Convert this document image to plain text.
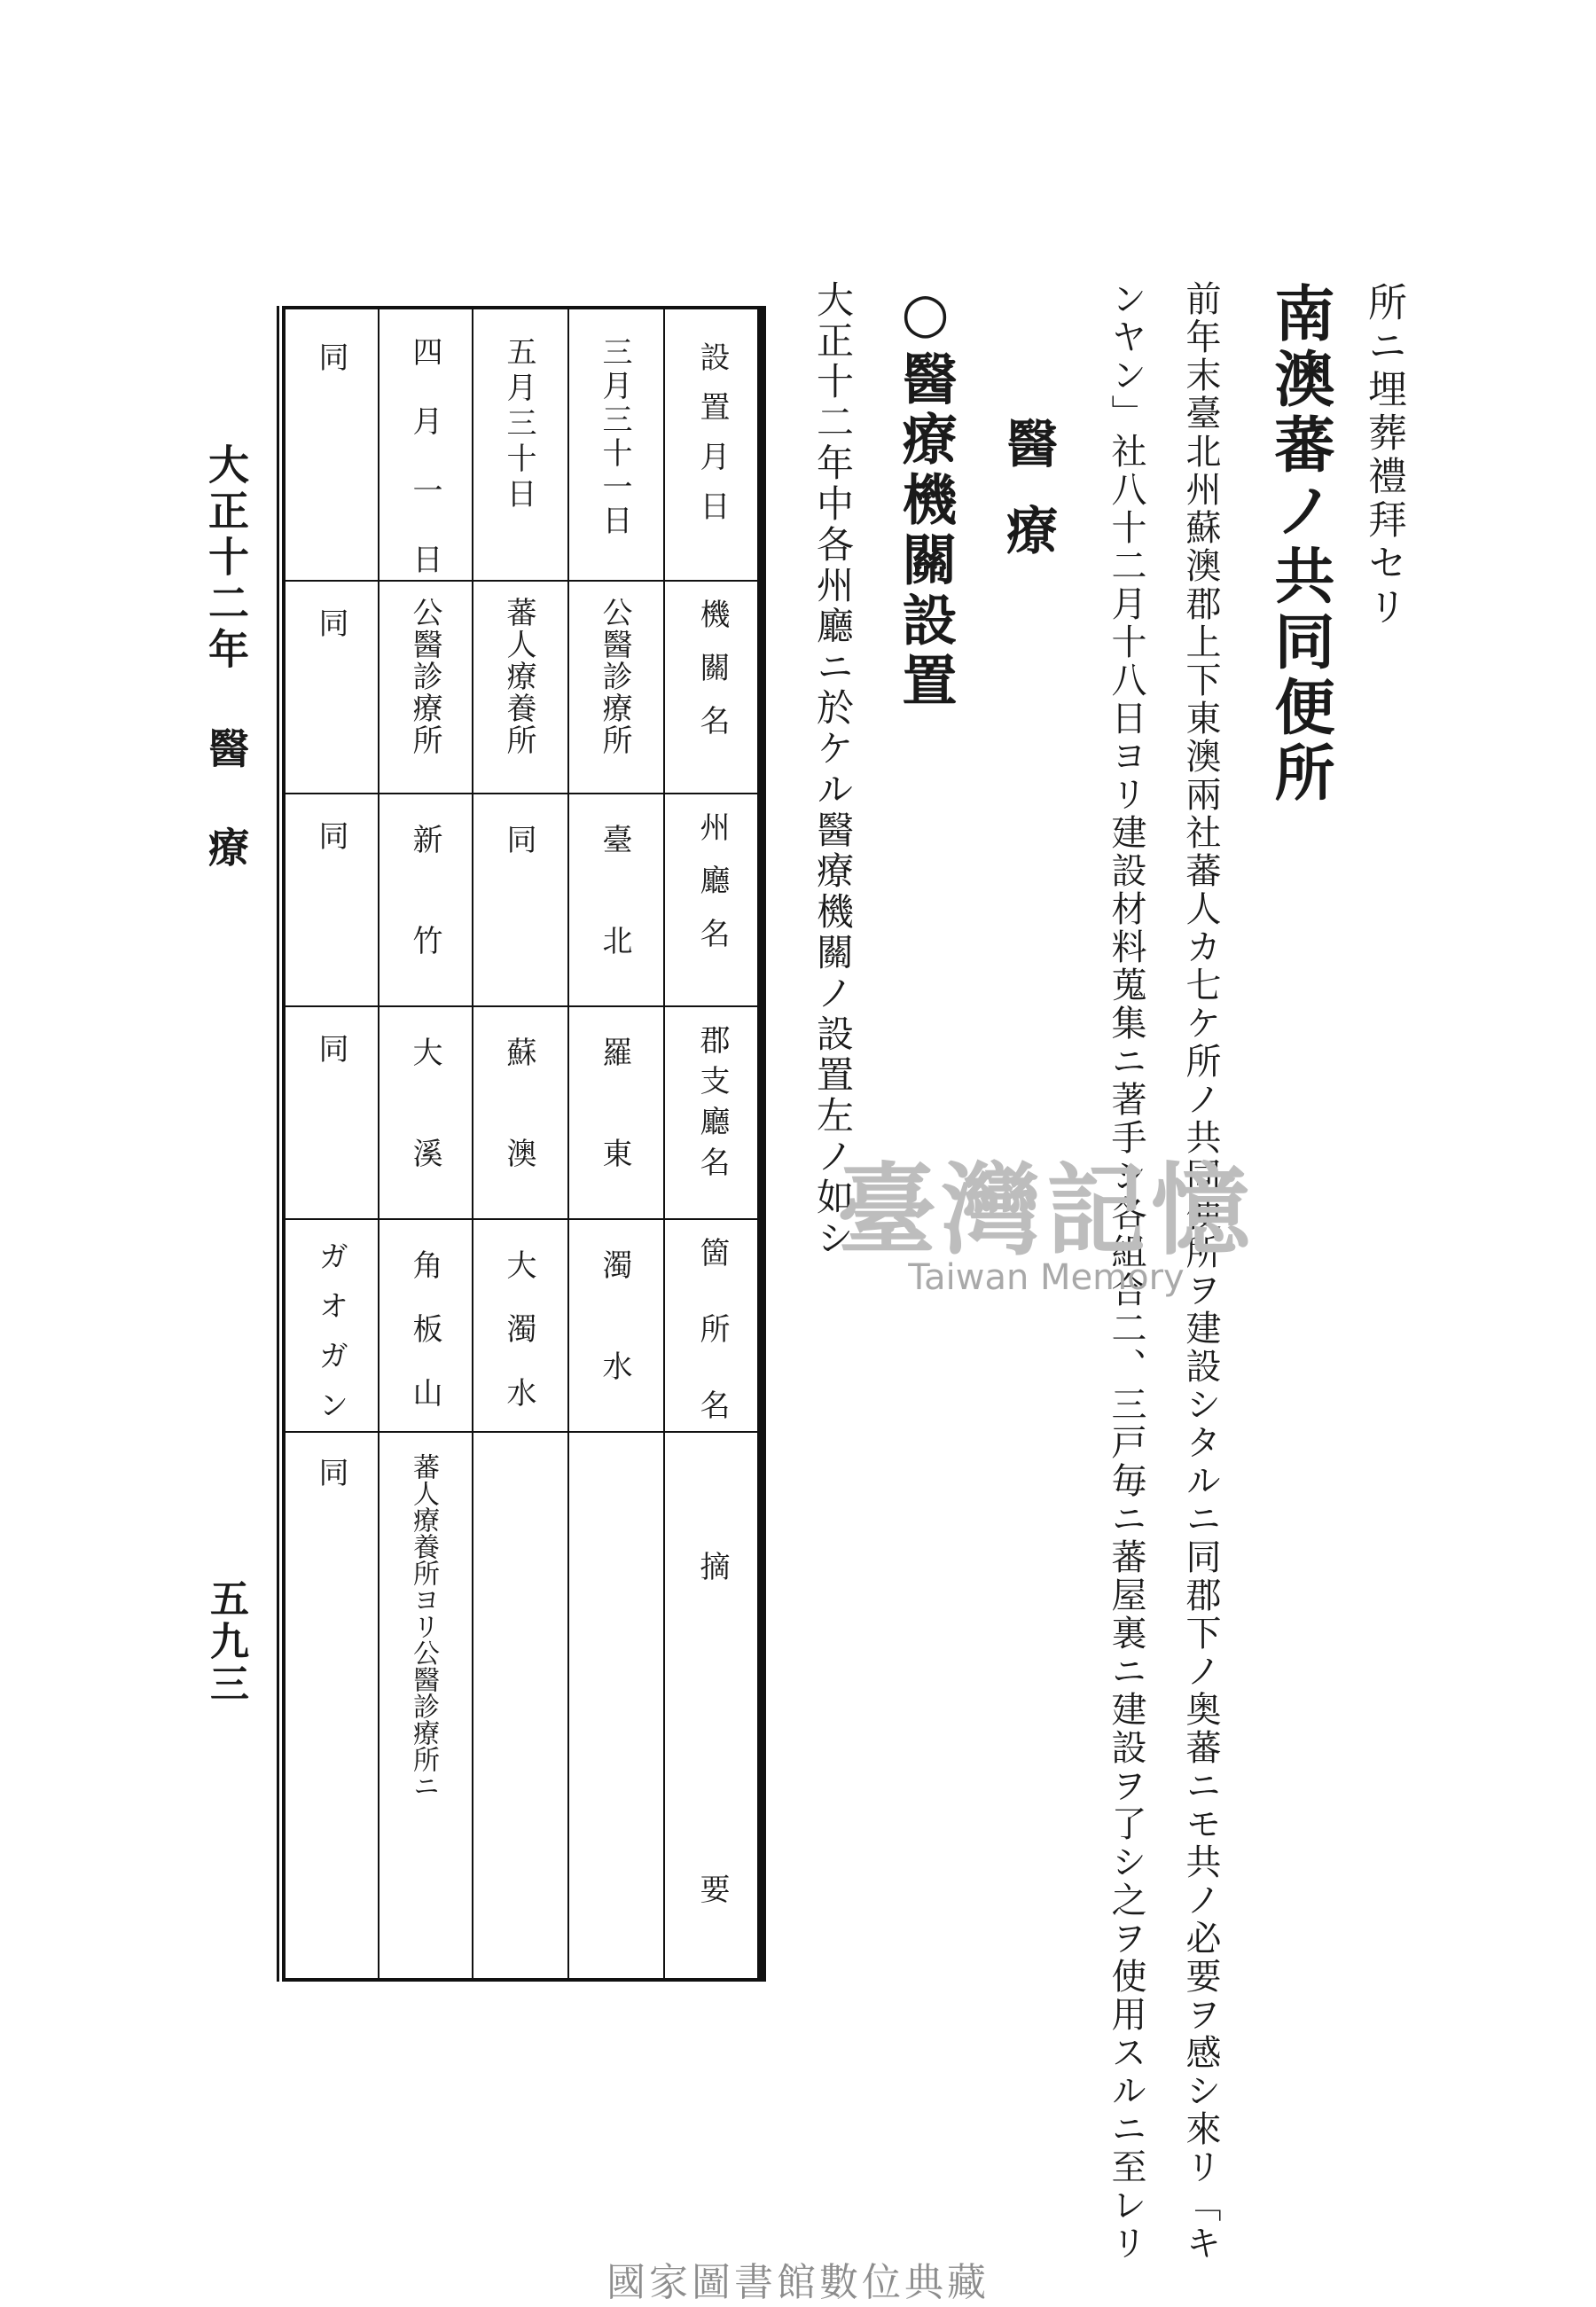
所ニ埋葬禮拜セリ
南澳蕃ノ共同便所
前年末臺北州蘇澳郡上下東澳兩社蕃人カ七ケ所ノ共同便所ヲ建設シタルニ同郡下ノ奥蕃ニモ共ノ必要ヲ感シ來リ「キ
ンヤン」社八十二月十八日ヨリ建設材料蒐集ニ著手シ各組合二、三戸毎ニ蕃屋裏ニ建設ヲ了シ之ヲ使用スルニ至レリ
醫療
○醫療機關設置
大正十二年中各州廳ニ於ケル醫療機關ノ設置左ノ如シ
設置月日
機關名
州廳名
郡支廳名
箇所名
摘要
三月三十一日
公醫診療所
臺北
羅東
濁水
五月三十日
蕃人療養所
同
蘇澳
大濁水
四月一日
公醫診療所
新竹
大溪
角板山
蕃人療養所ヨリ公醫診療所ニ
同
同
同
同
ガオガン
同
大正十二年 醫 療
五九三
臺灣記憶
Taiwan Memory
國家圖書館數位典藏
